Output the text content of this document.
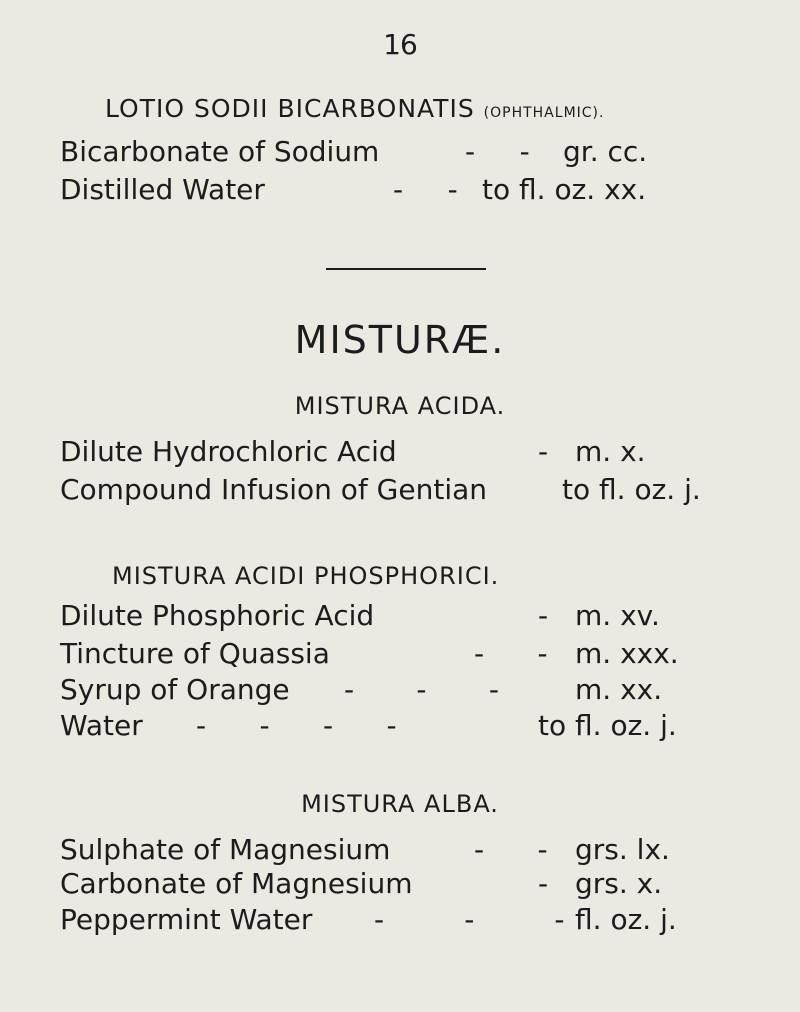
16
LOTIO SODII BICARBONATIS (OPHTHALMIC).
Bicarbonate of Sodium	-     - gr. cc.
Distilled Water	-     - to fl. oz. xx.
MISTURÆ.
MISTURA ACIDA.
Dilute Hydrochloric Acid	- m. x.
Compound Infusion of Gentian	to fl. oz. j.
MISTURA ACIDI PHOSPHORICI.
Dilute Phosphoric Acid	- m. xv.
Tincture of Quassia	-      - m. xxx.
Syrup of Orange -       -       -	m. xx.
Water -      -      -      -	to fl. oz. j.
MISTURA ALBA.
Sulphate of Magnesium	-      - grs. lx.
Carbonate of Magnesium	- grs. x.
Peppermint Water -         -         - fl. oz. j.
